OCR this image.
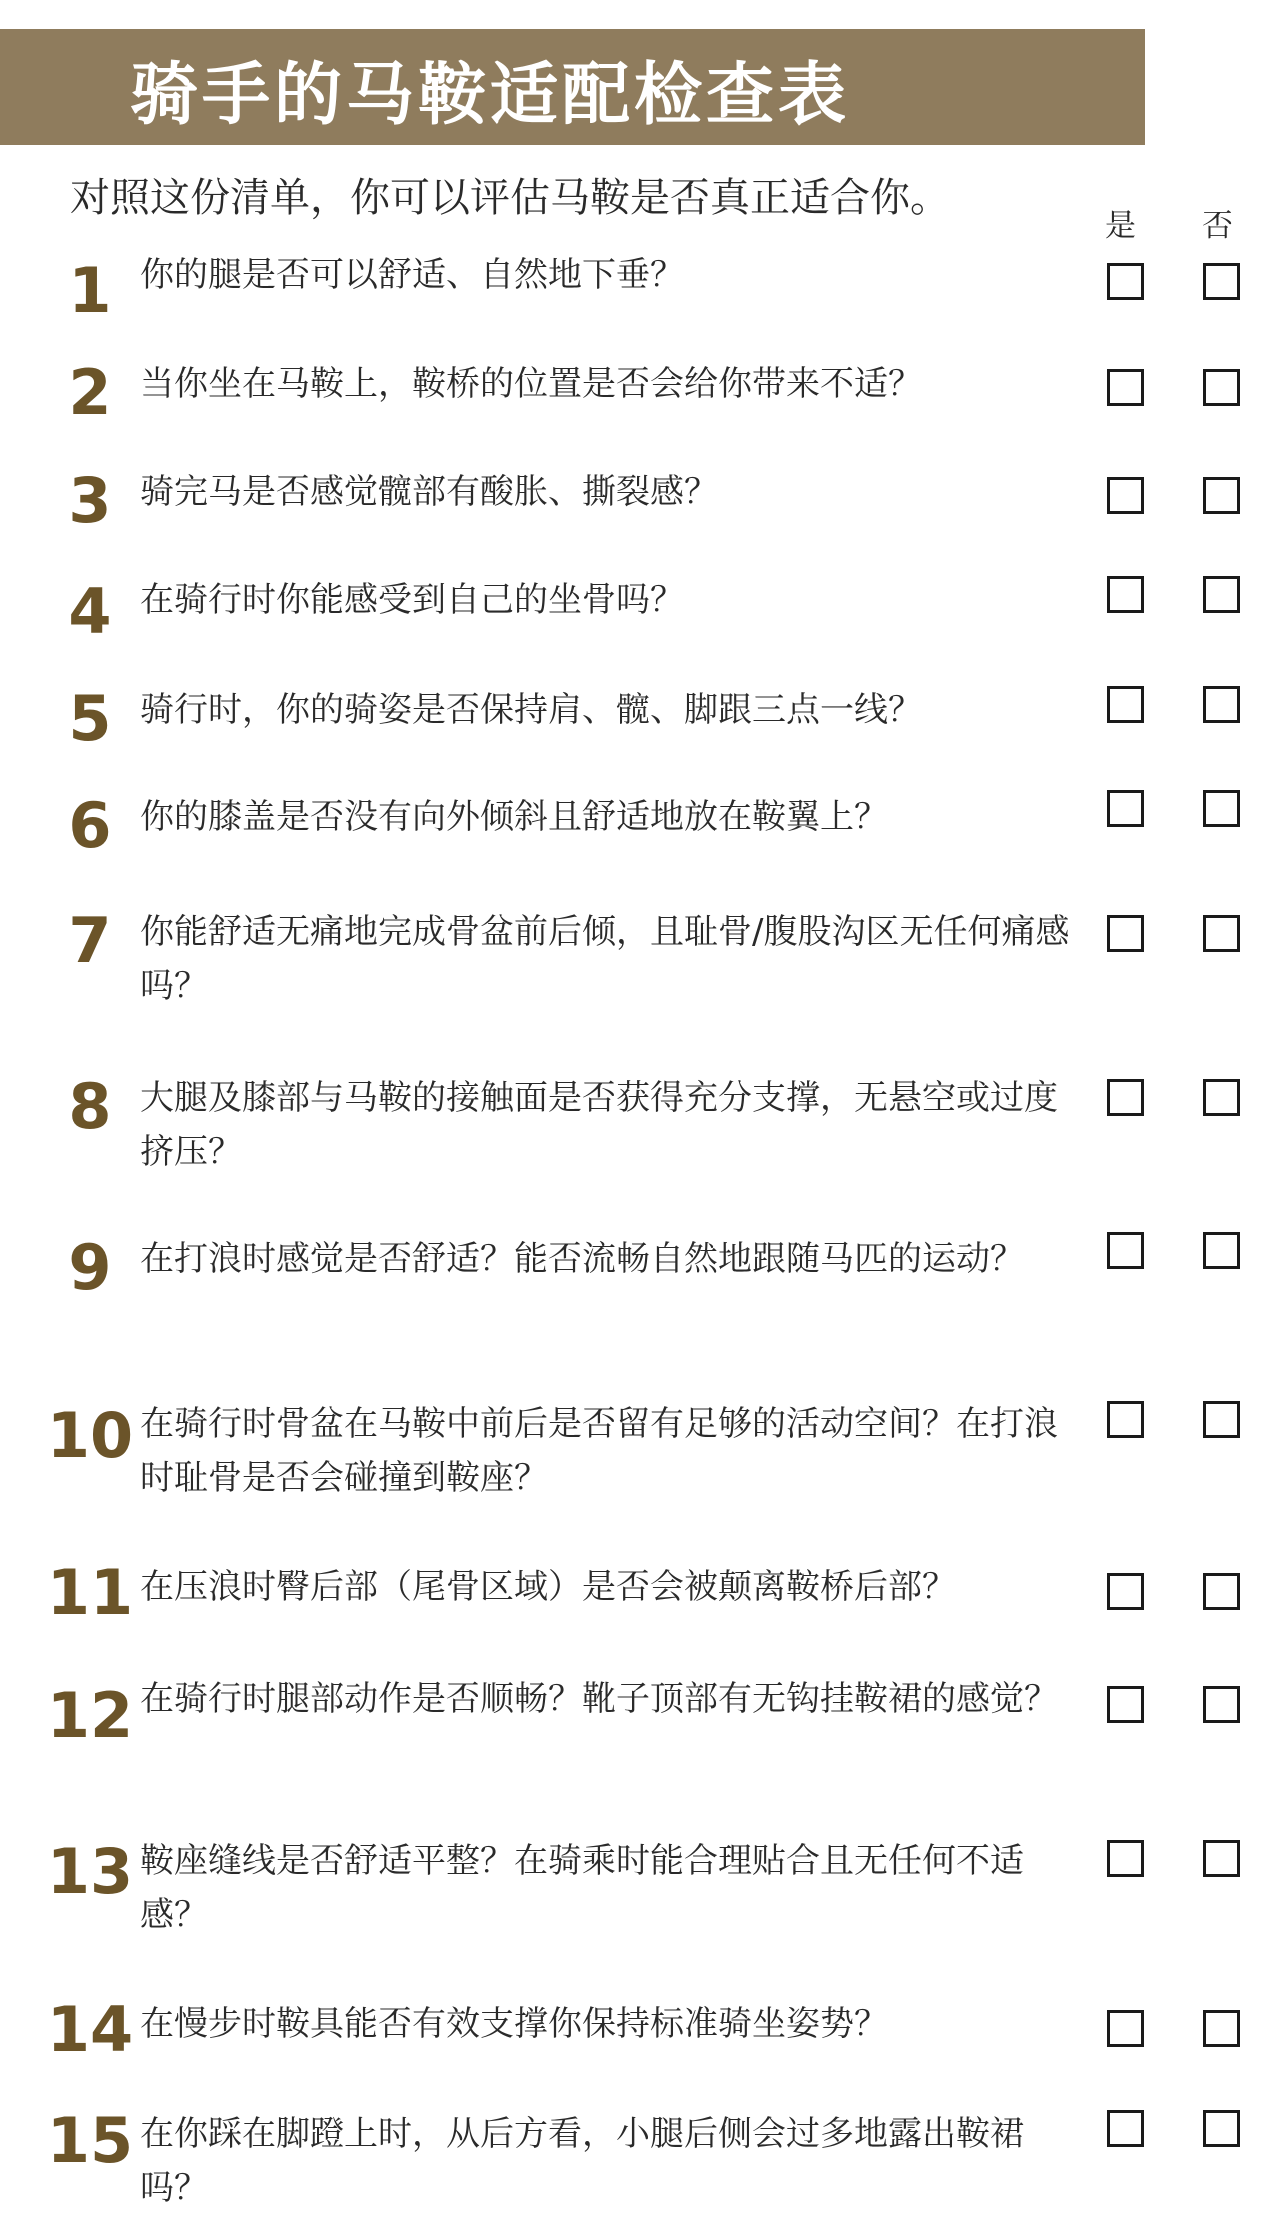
骑手的马鞍适配检查表
对照这份清单，你可以评估马鞍是否真正适合你。
是 否
1 你的腿是否可以舒适、自然地下垂？
2 当你坐在马鞍上，鞍桥的位置是否会给你带来不适？
3 骑完马是否感觉髋部有酸胀、撕裂感？
4 在骑行时你能感受到自己的坐骨吗？
5 骑行时，你的骑姿是否保持肩、髋、脚跟三点一线？
6 你的膝盖是否没有向外倾斜且舒适地放在鞍翼上？
7 你能舒适无痛地完成骨盆前后倾，且耻骨/腹股沟区无任何痛感吗？
8 大腿及膝部与马鞍的接触面是否获得充分支撑，无悬空或过度挤压？
9 在打浪时感觉是否舒适？能否流畅自然地跟随马匹的运动？
10 在骑行时骨盆在马鞍中前后是否留有足够的活动空间？在打浪时耻骨是否会碰撞到鞍座？
11 在压浪时臀后部（尾骨区域）是否会被颠离鞍桥后部？
12 在骑行时腿部动作是否顺畅？靴子顶部有无钩挂鞍裙的感觉？
13 鞍座缝线是否舒适平整？在骑乘时能合理贴合且无任何不适感？
14 在慢步时鞍具能否有效支撑你保持标准骑坐姿势？
15 在你踩在脚蹬上时，从后方看，小腿后侧会过多地露出鞍裙吗？
